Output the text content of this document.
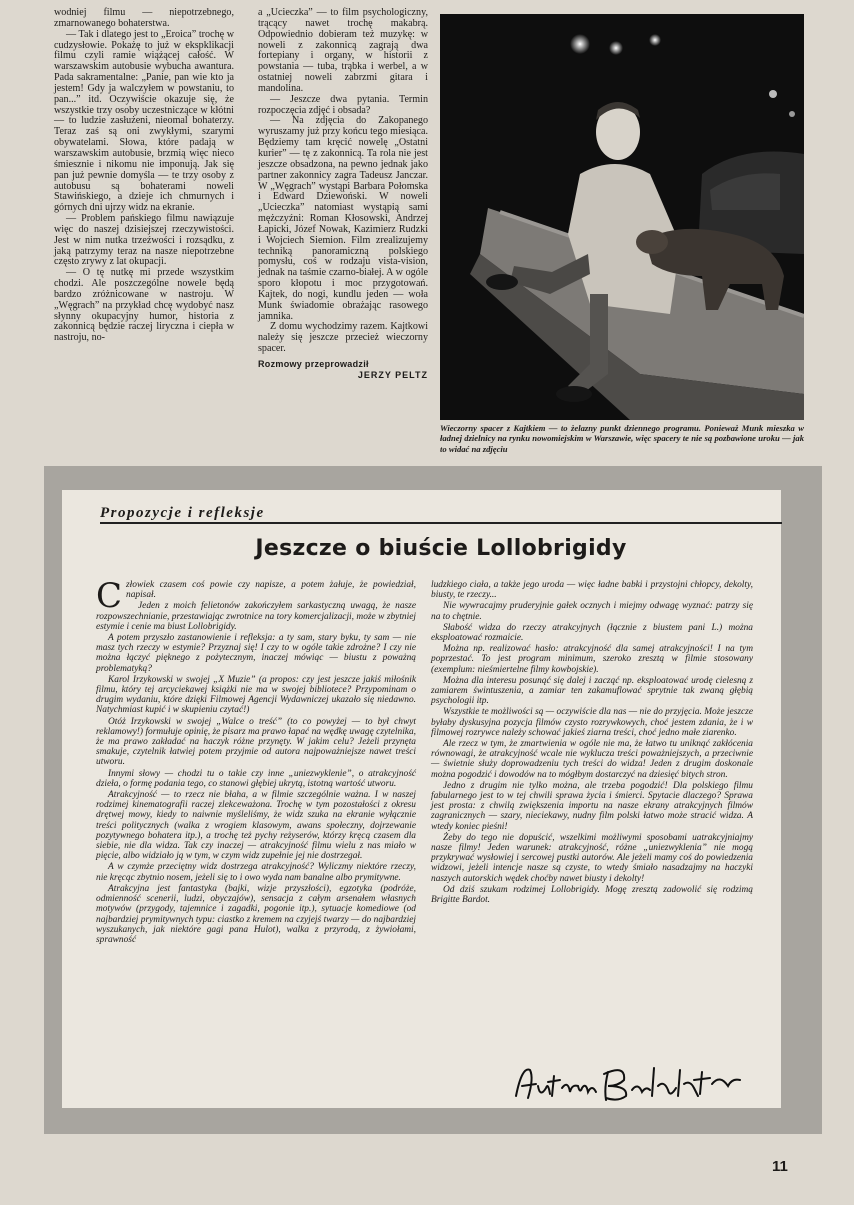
wodniej filmu — niepotrzebnego, zmarnowanego bohaterstwa.

— Tak i dlatego jest to „Eroica” trochę w cudzysłowie. Pokażę to już w ekspklikacji filmu czyli ramie wiążącej całość. W warszawskim autobusie wybucha awantura. Pada sakramentalne: „Panie, pan wie kto ja jestem! Gdy ja walczyłem w powstaniu, to pan...” itd. Oczywiście okazuje się, że wszystkie trzy osoby uczestniczące w kłótni — to ludzie zasłużeni, nieomal bohaterzy. Teraz zaś są oni zwykłymi, szarymi obywatelami. Słowa, które padają w warszawskim autobusie, brzmią więc nieco śmiesznie i nikomu nie imponują. Jak się pan już pewnie domyśla — te trzy osoby z autobusu są bohaterami noweli Stawińskiego, a dzieje ich chmurnych i górnych dni ujrzy widz na ekranie.

— Problem pańskiego filmu nawiązuje więc do naszej dzisiejszej rzeczywistości. Jest w nim nutka trzeźwości i rozsądku, z jaką patrzymy teraz na nasze niepotrzebne często zrywy z lat okupacji.

— O tę nutkę mi przede wszystkim chodzi. Ale poszczególne nowele będą bardzo zróżnicowane w nastroju. W „Węgrach” na przykład chcę wydobyć nasz słynny okupacyjny humor, historia z zakonnicą będzie raczej liryczna i ciepła w nastroju, no-

a „Ucieczka” — to film psychologiczny, trącący nawet trochę makabrą. Odpowiednio dobieram też muzykę: w noweli z zakonnicą zagrają dwa fortepiany i organy, w historii z powstania — tuba, trąbka i werbel, a w ostatniej noweli zabrzmi gitara i mandolina.

— Jeszcze dwa pytania. Termin rozpoczęcia zdjęć i obsada?

— Na zdjęcia do Zakopanego wyruszamy już przy końcu tego miesiąca. Będziemy tam kręcić nowelę „Ostatni kurier” — tę z zakonnicą. Ta rola nie jest jeszcze obsadzona, na pewno jednak jako partner zakonnicy zagra Tadeusz Janczar. W „Węgrach” wystąpi Barbara Połomska i Edward Dziewoński. W noweli „Ucieczka” natomiast wystąpią sami mężczyźni: Roman Kłosowski, Andrzej Łapicki, Józef Nowak, Kazimierz Rudzki i Wojciech Siemion. Film zrealizujemy techniką panoramiczną polskiego pomysłu, coś w rodzaju vista-vision, jednak na taśmie czarno-białej. A w ogóle sporo kłopotu i moc przygotowań. Kajtek, do nogi, kundlu jeden — woła Munk świadomie obrażając rasowego jamnika.

Z domu wychodzimy razem. Kajtkowi należy się jeszcze przecież wieczorny spacer.

Rozmowy przeprowadził

JERZY PELTZ

Wieczorny spacer z Kajtkiem — to żelazny punkt dziennego programu. Ponieważ Munk mieszka w ładnej dzielnicy na rynku nowomiejskim w Warszawie, więc spacery te nie są pozbawione uroku — jak to widać na zdjęciu
Propozycje i refleksje
Jeszcze o biuście Lollobrigidy

Człowiek czasem coś powie czy napisze, a potem żałuje, że powiedział, napisał.

Jeden z moich felietonów zakończyłem sarkastyczną uwagą, że nasze rozpowszechnianie, przestawiając zwrotnice na tory komercjalizacji, może w zbytniej estymie i cenie ma biust Lollobrigidy.

A potem przyszło zastanowienie i refleksja: a ty sam, stary byku, ty sam — nie masz tych rzeczy w estymie? Przyznaj się! I czy to w ogóle takie zdrożne? I czy nie można łączyć pięknego z pożytecznym, inaczej mówiąc — biustu z poważną problematyką?

Karol Irzykowski w swojej „X Muzie” (a propos: czy jest jeszcze jakiś miłośnik filmu, który tej arcyciekawej książki nie ma w swojej bibliotece? Przypominam o drugim wydaniu, które dzięki Filmowej Agencji Wydawniczej ukazało się niedawno. Natychmiast kupić i w skupieniu czytać!)

Otóż Irzykowski w swojej „Walce o treść” (to co powyżej — to był chwyt reklamowy!) formułuje opinię, że pisarz ma prawo łapać na wędkę uwagę czytelnika, że ma prawo zakładać na haczyk różne przynęty. W jakim celu? Jeżeli przynęta smakuje, czytelnik łatwiej potem przyjmie od autora najpoważniejsze nawet treści utworu.

Innymi słowy — chodzi tu o takie czy inne „uniezwyklenie”, o atrakcyjność dzieła, o formę podania tego, co stanowi głębiej ukrytą, istotną wartość utworu.

Atrakcyjność — to rzecz nie błaha, a w filmie szczególnie ważna. I w naszej rodzimej kinematografii raczej zlekceważona. Trochę w tym pozostałości z okresu drętwej mowy, kiedy to naiwnie myśleliśmy, że widz szuka na ekranie wyłącznie treści politycznych (walka z wrogiem klasowym, awans społeczny, dojrzewanie pozytywnego bohatera itp.), a trochę też pychy reżyserów, którzy kręcą czasem dla siebie, nie dla widza. Tak czy inaczej — atrakcyjność filmu wielu z nas miało w pięcie, albo widziało ją w tym, w czym widz zupełnie jej nie dostrzegał.

A w czymże przeciętny widz dostrzega atrakcyjność? Wyliczmy niektóre rzeczy, nie kręcąc zbytnio nosem, jeżeli się to i owo wyda nam banalne albo prymitywne.

Atrakcyjna jest fantastyka (bajki, wizje przyszłości), egzotyka (podróże, odmienność scenerii, ludzi, obyczajów), sensacja z całym arsenałem własnych motywów (przygody, tajemnice i zagadki, pogonie itp.), sytuacje komediowe (od najbardziej prymitywnych typu: ciastko z kremem na czyjejś twarzy — do najbardziej wyszukanych, jak niektóre gagi pana Hulot), walka z przyrodą, z żywiołami, sprawność

ludzkiego ciała, a także jego uroda — więc ładne babki i przystojni chłopcy, dekolty, biusty, te rzeczy...

Nie wywracajmy pruderyjnie gałek ocznych i miejmy odwagę wyznać: patrzy się na to chętnie.

Słabość widza do rzeczy atrakcyjnych (łącznie z biustem pani L.) można eksploatować rozmaicie.

Można np. realizować hasło: atrakcyjność dla samej atrakcyjności! I na tym poprzestać. To jest program minimum, szeroko zresztą w filmie stosowany (exemplum: nieśmiertelne filmy kowbojskie).

Można dla interesu posunąć się dalej i zacząć np. eksploatować urodę cielesną z zamiarem świntuszenia, a zamiar ten zakamuflować sprytnie tak zwaną głębią psychologii itp.

Wszystkie te możliwości są — oczywiście dla nas — nie do przyjęcia. Może jeszcze byłaby dyskusyjna pozycja filmów czysto rozrywkowych, choć jestem zdania, że i w filmowej rozrywce należy schować jakieś ziarna treści, choć jedno małe ziarenko.

Ale rzecz w tym, że zmartwienia w ogóle nie ma, że łatwo tu uniknąć zakłócenia równowagi, że atrakcyjność wcale nie wyklucza treści poważniejszych, a przeciwnie — świetnie służy doprowadzeniu tych treści do widza! Jeden z drugim doskonale można pogodzić i dowodów na to mógłbym dostarczyć na dziesięć bitych stron.

Jedno z drugim nie tylko można, ale trzeba pogodzić! Dla polskiego filmu fabularnego jest to w tej chwili sprawa życia i śmierci. Spytacie dlaczego? Sprawa jest prosta: z chwilą zwiększenia importu na nasze ekrany atrakcyjnych filmów zagranicznych — szary, nieciekawy, nudny film polski łatwo może stracić widza. A wtedy koniec pieśni!

Żeby do tego nie dopuścić, wszelkimi możliwymi sposobami uatrakcyjniajmy nasze filmy! Jeden warunek: atrakcyjność, różne „uniezwyklenia” nie mogą przykrywać wysłowiej i sercowej pustki autorów. Ale jeżeli mamy coś do powiedzenia widzowi, jeżeli intencje nasze są czyste, to wtedy śmiało nasadzajmy na haczyki naszych autorskich wędek choćby nawet biusty i dekolty!

Od dziś szukam rodzimej Lollobrigidy. Mogę zresztą zadowolić się rodzimą Brigitte Bardot.

11
